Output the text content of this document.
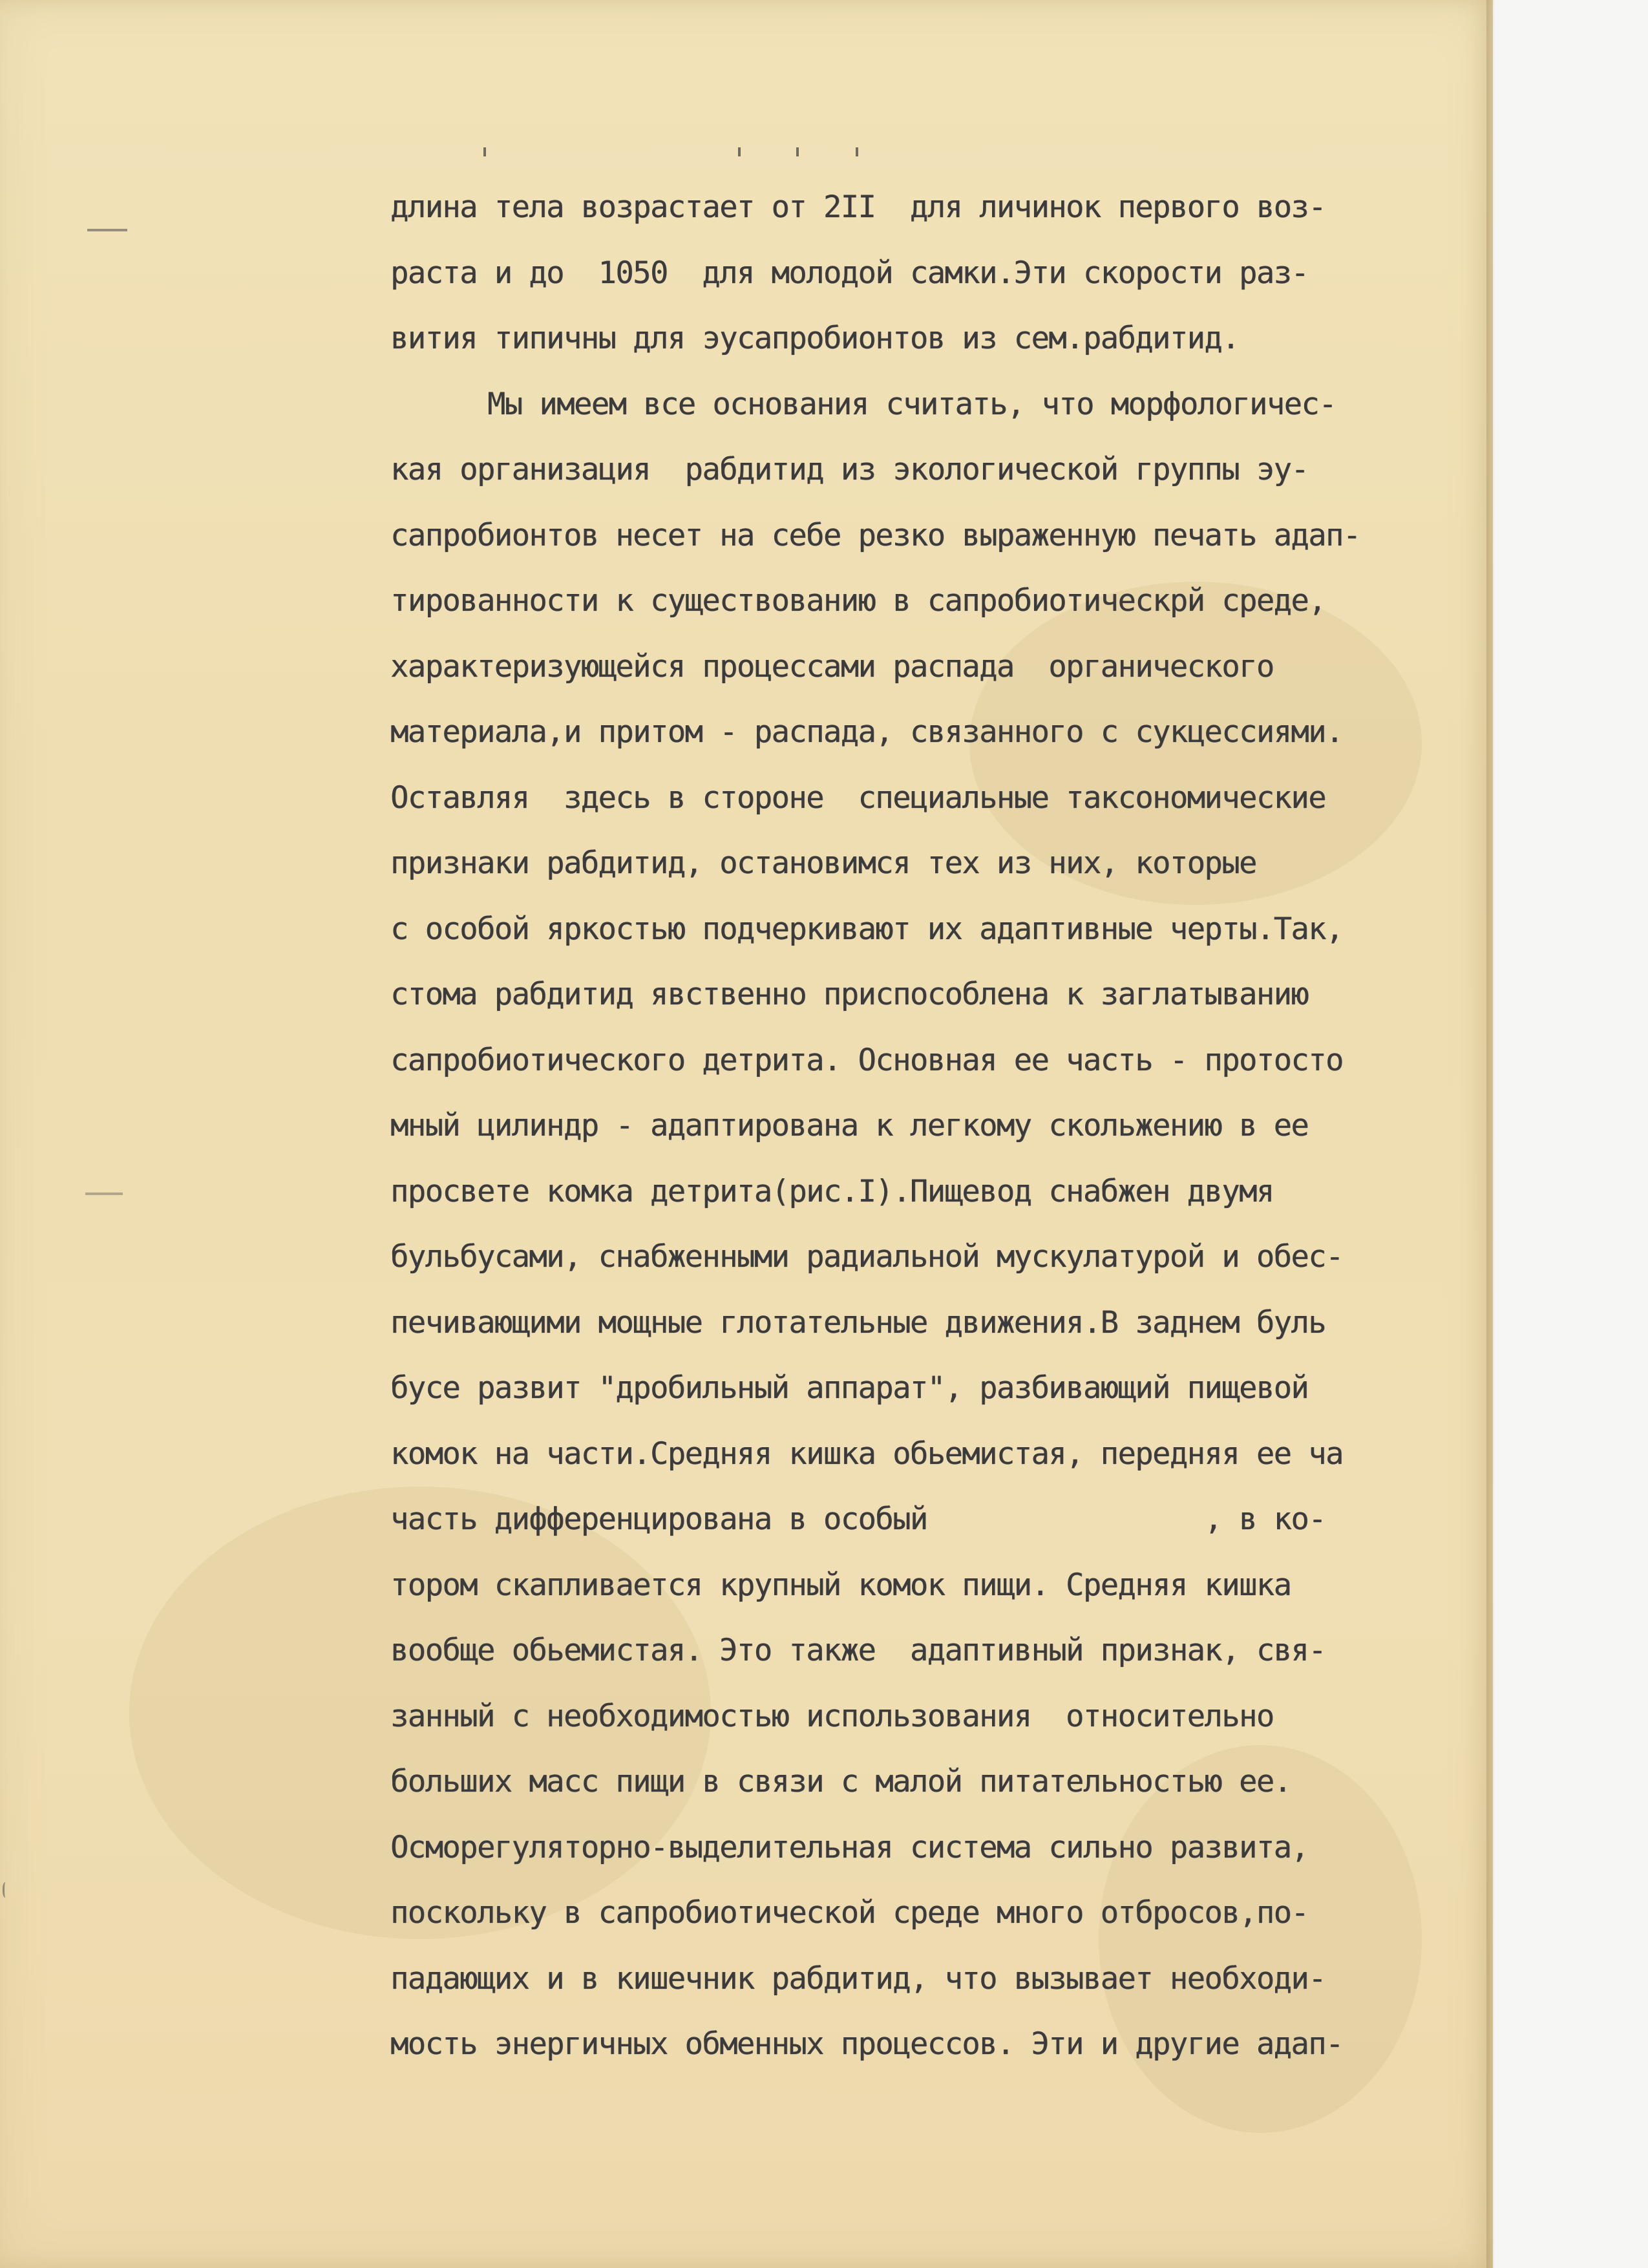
длина тела возрастает от 2II  для личинок первого воз-
раста и до  1050  для молодой самки.Эти скорости раз-
вития типичны для эусапробионтов из сем.рабдитид.
Мы имеем все основания считать, что морфологичес-
кая организация  рабдитид из экологической группы эу-
сапробионтов несет на себе резко выраженную печать адап-
тированности к существованию в сапробиотическрй среде,
характеризующейся процессами распада  органического
материала,и притом - распада, связанного с сукцессиями.
Оставляя  здесь в стороне  специальные таксономические
признаки рабдитид, остановимся тех из них, которые
с особой яркостью подчеркивают их адаптивные черты.Так,
стома рабдитид явственно приспособлена к заглатыванию
сапробиотического детрита. Основная ее часть - протосто
мный цилиндр - адаптирована к легкому скольжению в ее
просвете комка детрита(рис.I).Пищевод снабжен двумя
бульбусами, снабженными радиальной мускулатурой и обес-
печивающими мощные глотательные движения.В заднем буль
бусе развит "дробильный аппарат", разбивающий пищевой
комок на части.Средняя кишка обьемистая, передняя ее ча
часть дифференцирована в особый                , в ко-
тором скапливается крупный комок пищи. Средняя кишка
вообще обьемистая. Это также  адаптивный признак, свя-
занный с необходимостью использования  относительно
больших масс пищи в связи с малой питательностью ее.
Осморегуляторно-выделительная система сильно развита,
поскольку в сапробиотической среде много отбросов,по-
падающих и в кишечник рабдитид, что вызывает необходи-
мость энергичных обменных процессов. Эти и другие адап-
